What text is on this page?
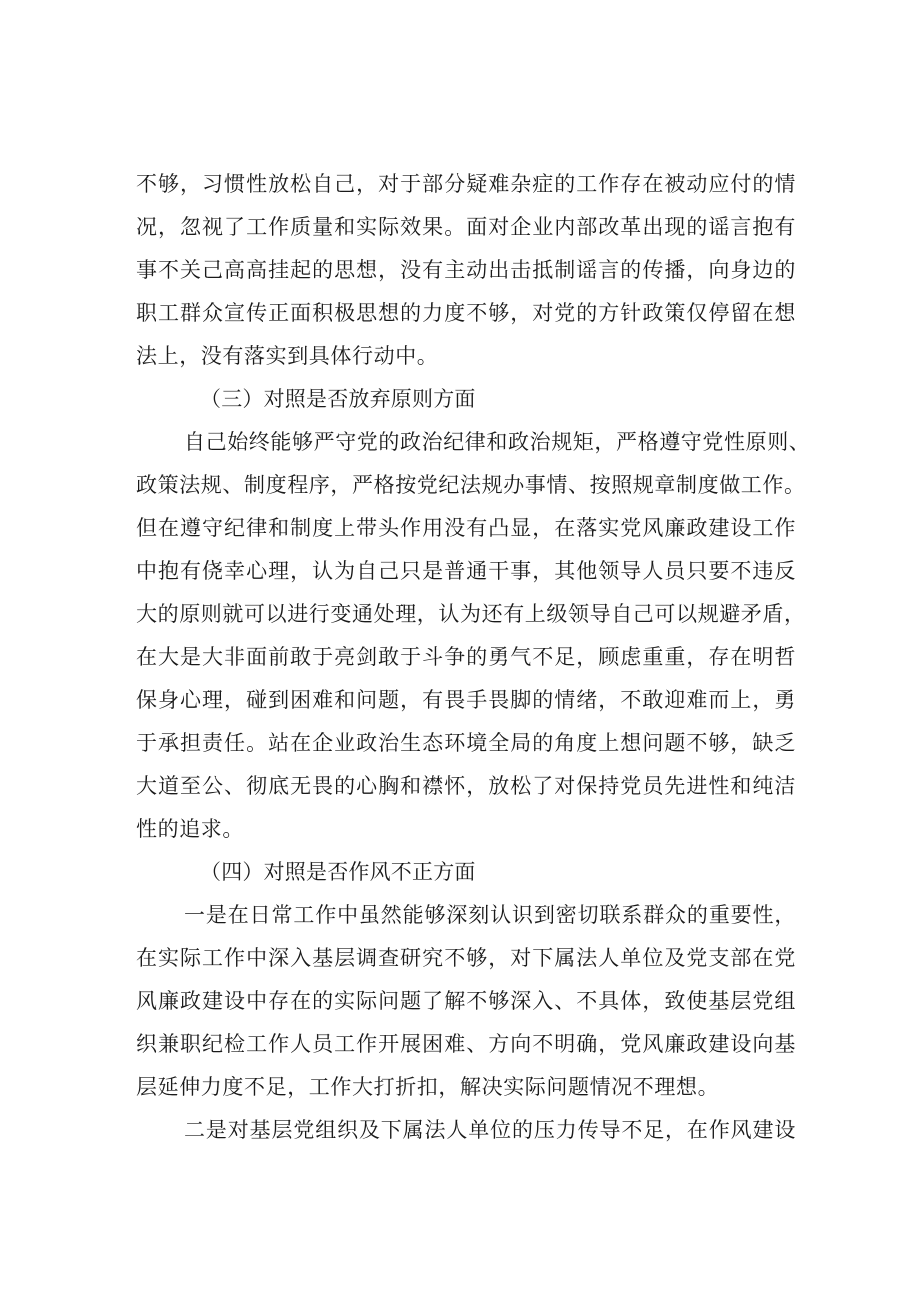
不够，习惯性放松自己，对于部分疑难杂症的工作存在被动应付的情
况，忽视了工作质量和实际效果。面对企业内部改革出现的谣言抱有
事不关己高高挂起的思想，没有主动出击抵制谣言的传播，向身边的
职工群众宣传正面积极思想的力度不够，对党的方针政策仅停留在想
法上，没有落实到具体行动中。
（三）对照是否放弃原则方面
自己始终能够严守党的政治纪律和政治规矩，严格遵守党性原则、
政策法规、制度程序，严格按党纪法规办事情、按照规章制度做工作。
但在遵守纪律和制度上带头作用没有凸显，在落实党风廉政建设工作
中抱有侥幸心理，认为自己只是普通干事，其他领导人员只要不违反
大的原则就可以进行变通处理，认为还有上级领导自己可以规避矛盾，
在大是大非面前敢于亮剑敢于斗争的勇气不足，顾虑重重，存在明哲
保身心理，碰到困难和问题，有畏手畏脚的情绪，不敢迎难而上，勇
于承担责任。站在企业政治生态环境全局的角度上想问题不够，缺乏
大道至公、彻底无畏的心胸和襟怀，放松了对保持党员先进性和纯洁
性的追求。
（四）对照是否作风不正方面
一是在日常工作中虽然能够深刻认识到密切联系群众的重要性，
在实际工作中深入基层调查研究不够，对下属法人单位及党支部在党
风廉政建设中存在的实际问题了解不够深入、不具体，致使基层党组
织兼职纪检工作人员工作开展困难、方向不明确，党风廉政建设向基
层延伸力度不足，工作大打折扣，解决实际问题情况不理想。
二是对基层党组织及下属法人单位的压力传导不足，在作风建设
